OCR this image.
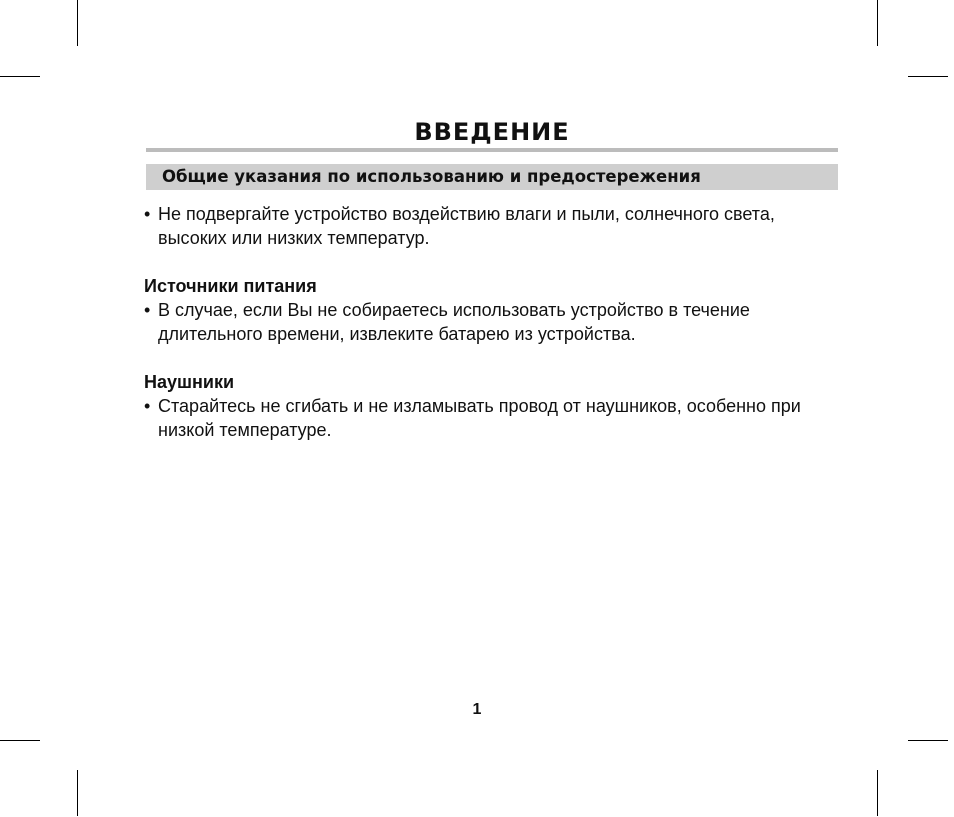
ВВЕДЕНИЕ
Общие указания по использованию и предостережения

• Не подвергайте устройство воздействию влаги и пыли, солнечного света, высоких или низких температур.

Источники питания

• В случае, если Вы не собираетесь использовать устройство в течение длительного времени, извлеките батарею из устройства.

Наушники

• Старайтесь не сгибать и не изламывать провод от наушников, особенно при низкой температуре.

1
